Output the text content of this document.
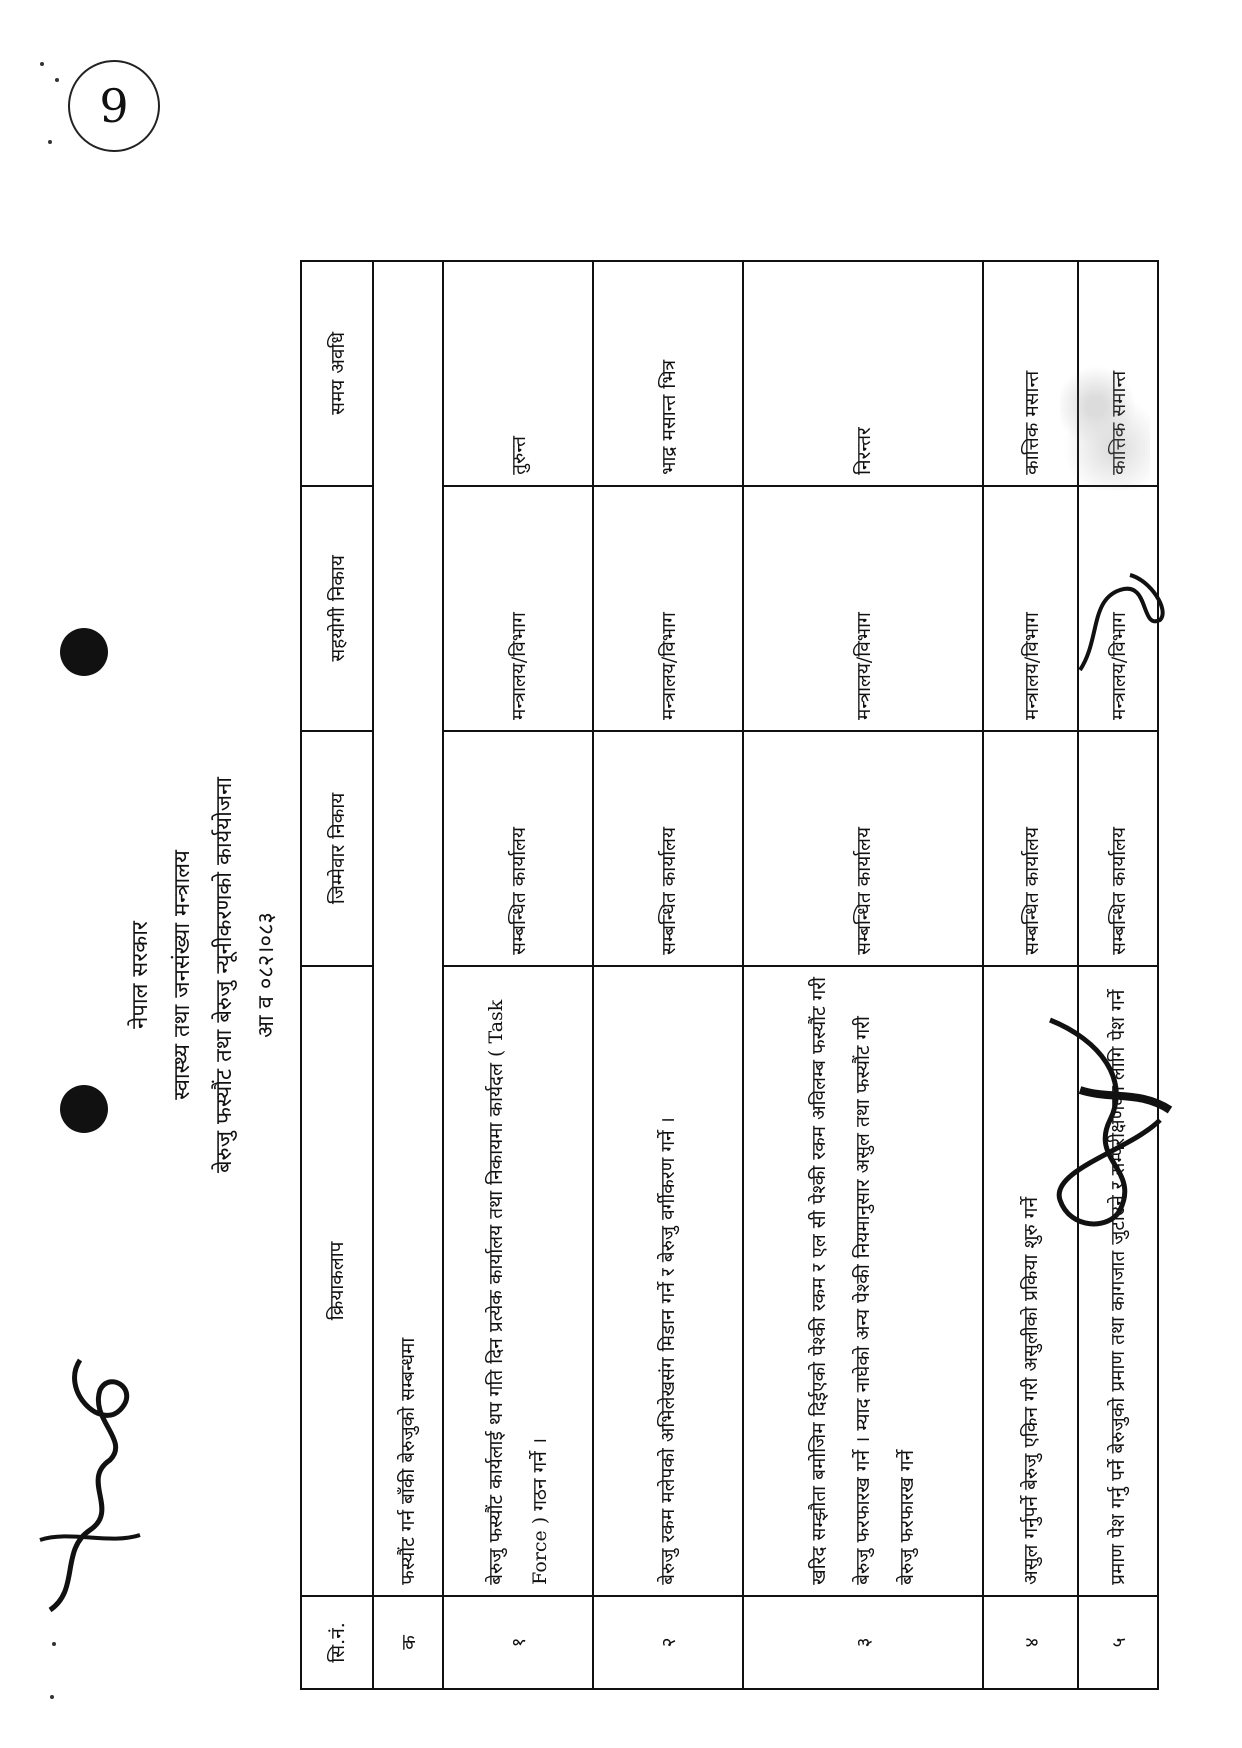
9
नेपाल सरकार स्वास्थ्य तथा जनसंख्या मन्त्रालय बेरुजु फस्यौंट तथा बेरुजु न्यूनीकरणको कार्ययोजना आ व ०८२।०८३
सि.नं.	क्रियाकलाप	जिम्मेवार निकाय	सहयोगी निकाय	समय अवधि
क	फस्यौंट गर्न बाँकी बेरुजुको सम्बन्धमा			
१	बेरुजु फस्यौंट कार्यलाई थप गति दिन प्रत्येक कार्यालय तथा निकायमा कार्यदल ( Task Force ) गठन गर्ने ।	सम्बन्धित कार्यालय	मन्त्रालय/विभाग	तुरुन्त
२	बेरुजु रकम मलेपको अभिलेखसंग मिडान गर्ने र बेरुजु वर्गीकरण गर्ने ।	सम्बन्धित कार्यालय	मन्त्रालय/विभाग	भाद्र मसान्त भित्र
३	खरिद सम्झौता बमोजिम दिईएको पेश्की रकम र एल सी पेश्की रकम अविलम्ब फस्यौंट गरी बेरुजु फरफारख गर्ने । म्याद नाघेको अन्य पेश्की नियमानुसार असुल तथा फस्यौंट गरी बेरुजु फरफारख गर्ने	सम्बन्धित कार्यालय	मन्त्रालय/विभाग	निरन्तर
४	असुल गर्नुपर्ने बेरुजु एकिन गरी असुलीको प्रकिया शुरु गर्ने	सम्बन्धित कार्यालय	मन्त्रालय/विभाग	कात्तिक मसान्त
५	प्रमाण पेश गर्नु पर्ने बेरुजुको प्रमाण तथा कागजात जुटाउने र सम्परीक्षणका लागि पेश गर्ने	सम्बन्धित कार्यालय	मन्त्रालय/विभाग	कात्तिक समान्त
